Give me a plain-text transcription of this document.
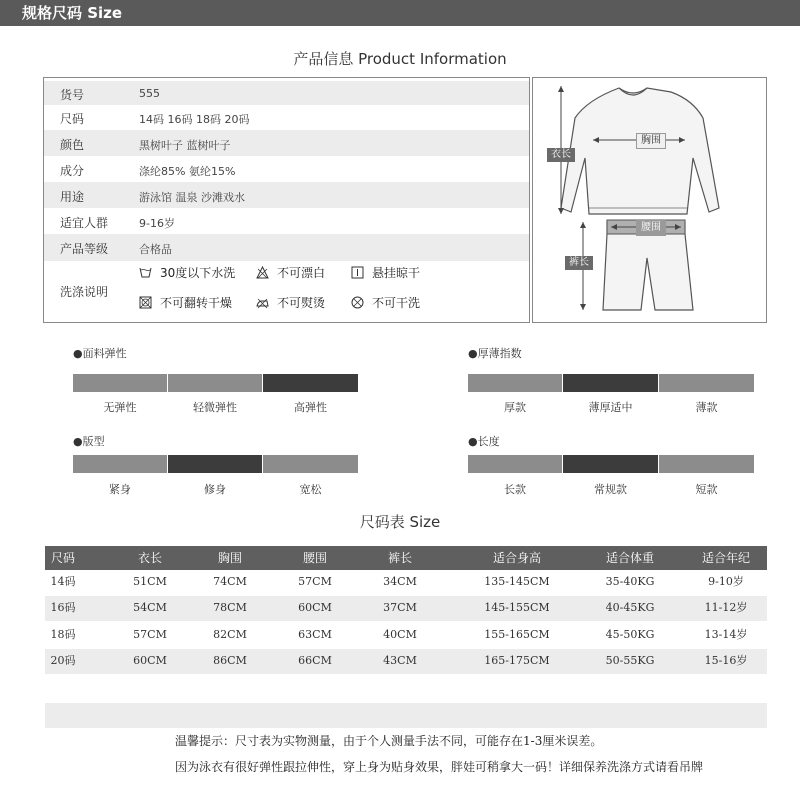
规格尺码 Size
产品信息 Product Information
货号	555
尺码	14码 16码 18码 20码
颜色	黑树叶子 蓝树叶子
成分	涤纶85% 氨纶15%
用途	游泳馆 温泉 沙滩戏水
适宜人群	9-16岁
产品等级	合格品
洗涤说明
30度以下水洗	不可漂白	悬挂晾干
不可翻转干燥	不可熨烫	不可干洗
衣长
胸围
腰围
裤长
●面料弹性
无弹性	轻微弹性	高弹性
●厚薄指数
厚款	薄厚适中	薄款
●版型
紧身	修身	宽松
●长度
长款	常规款	短款
尺码表 Size
尺码	衣长	胸围	腰围	裤长	适合身高	适合体重	适合年纪
14码	51CM	74CM	57CM	34CM	135-145CM	35-40KG	9-10岁
16码	54CM	78CM	60CM	37CM	145-155CM	40-45KG	11-12岁
18码	57CM	82CM	63CM	40CM	155-165CM	45-50KG	13-14岁
20码	60CM	86CM	66CM	43CM	165-175CM	50-55KG	15-16岁
温馨提示：尺寸表为实物测量，由于个人测量手法不同，可能存在1-3厘米误差。
因为泳衣有很好弹性跟拉伸性，穿上身为贴身效果，胖娃可稍拿大一码！详细保养洗涤方式请看吊牌
